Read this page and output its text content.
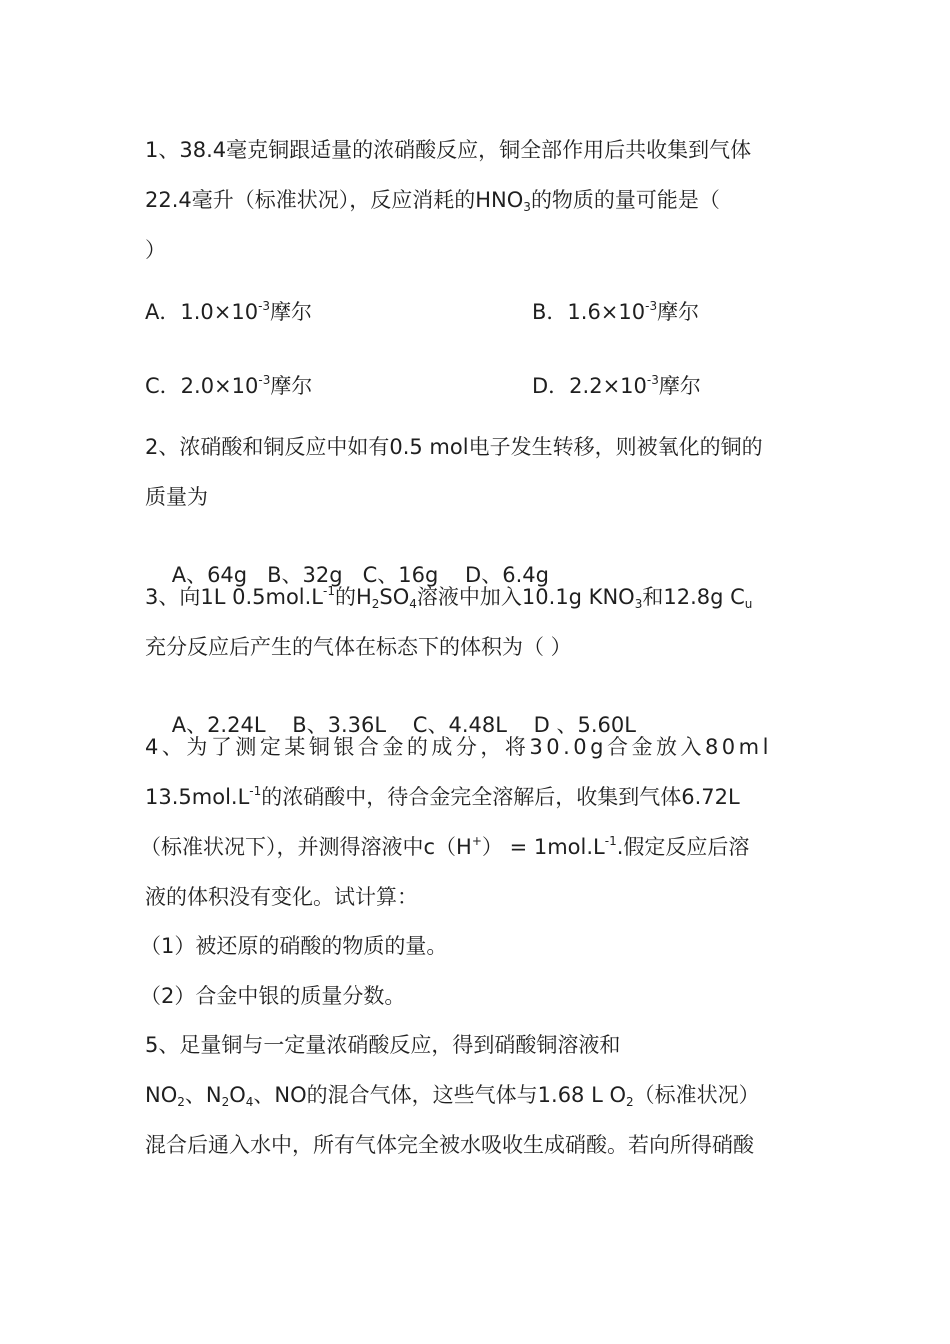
1、38.4毫克铜跟适量的浓硝酸反应，铜全部作用后共收集到气体
22.4毫升（标准状况），反应消耗的$HNO_3$的物质的量可能是（
）
A．$1.0\times 10^{-3}$摩尔	B．$1.6\times 10^{-3}$摩尔
C．$2.0\times 10^{-3}$摩尔	D．$2.2\times 10^{-3}$摩尔
2、浓硝酸和铜反应中如有0.5 mol电子发生转移，则被氧化的铜的
质量为

A、64g   B、32g   C、16g    D、6.4g

3、向1L $0.5mol.L^{-1}$的$H_2SO_4$溶液中加入10.1g $KNO_3$和12.8g $C_u$
充分反应后产生的气体在标态下的体积为（ ）

A、2.24L    B、3.36L    C、4.48L    D 、5.60L

4、为了测定某铜银合金的成分，将30.0g合金放入80ml
$13.5mol.L^{-1}$的浓硝酸中，待合金完全溶解后，收集到气体6.72L
（标准状况下），并测得溶液中$c(H^+) = 1mol.L^{-1}$.假定反应后溶
液的体积没有变化。试计算：
（1）被还原的硝酸的物质的量。
（2）合金中银的质量分数。
5、足量铜与一定量浓硝酸反应，得到硝酸铜溶液和
$NO_2$、$N_2O_4$、NO的混合气体，这些气体与1.68 L $O_2$（标准状况）
混合后通入水中，所有气体完全被水吸收生成硝酸。若向所得硝酸
